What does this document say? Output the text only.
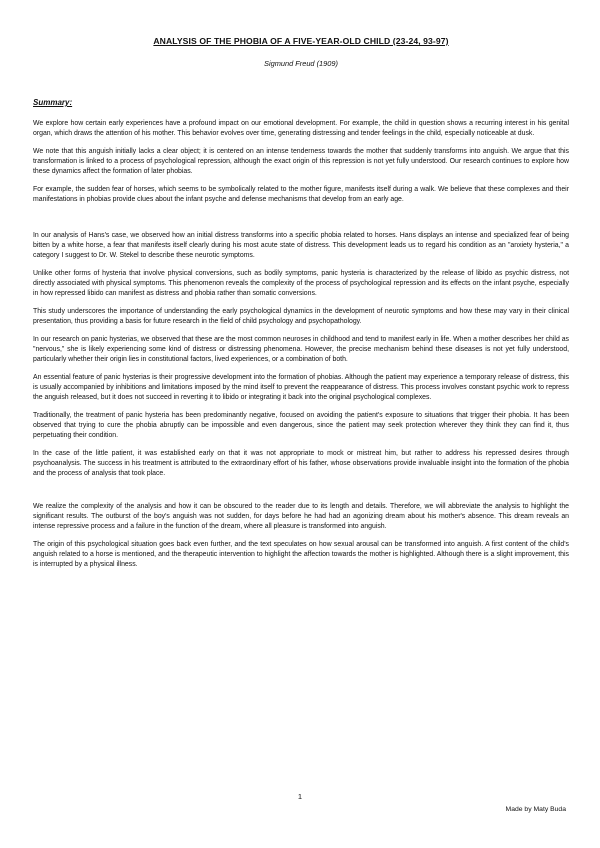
ANALYSIS OF THE PHOBIA OF A FIVE-YEAR-OLD CHILD (23-24, 93-97)
Sigmund Freud (1909)
Summary:

We explore how certain early experiences have a profound impact on our emotional development. For example, the child in question shows a recurring interest in his genital organ, which draws the attention of his mother. This behavior evolves over time, generating distressing and tender feelings in the child, especially noticeable at dusk.

We note that this anguish initially lacks a clear object; it is centered on an intense tenderness towards the mother that suddenly transforms into anguish. We argue that this transformation is linked to a process of psychological repression, although the exact origin of this repression is not yet fully understood. Our research continues to explore how these dynamics affect the formation of later phobias.

For example, the sudden fear of horses, which seems to be symbolically related to the mother figure, manifests itself during a walk. We believe that these complexes and their manifestations in phobias provide clues about the infant psyche and defense mechanisms that develop from an early age.

In our analysis of Hans's case, we observed how an initial distress transforms into a specific phobia related to horses. Hans displays an intense and specialized fear of being bitten by a white horse, a fear that manifests itself clearly during his most acute state of distress. This development leads us to regard his condition as an "anxiety hysteria," a category I suggest to Dr. W. Stekel to describe these neurotic symptoms.

Unlike other forms of hysteria that involve physical conversions, such as bodily symptoms, panic hysteria is characterized by the release of libido as psychic distress, not directly associated with physical symptoms. This phenomenon reveals the complexity of the process of psychological repression and its effects on the infant psyche, especially in how repressed libido can manifest as distress and phobia rather than somatic conversions.

This study underscores the importance of understanding the early psychological dynamics in the development of neurotic symptoms and how these may vary in their clinical presentation, thus providing a basis for future research in the field of child psychology and psychopathology.

In our research on panic hysterias, we observed that these are the most common neuroses in childhood and tend to manifest early in life. When a mother describes her child as "nervous," she is likely experiencing some kind of distress or distressing phenomena. However, the precise mechanism behind these diseases is not yet fully understood, particularly whether their origin lies in constitutional factors, lived experiences, or a combination of both.

An essential feature of panic hysterias is their progressive development into the formation of phobias. Although the patient may experience a temporary release of distress, this is usually accompanied by inhibitions and limitations imposed by the mind itself to prevent the reappearance of distress. This process involves constant psychic work to repress the anguish released, but it does not succeed in reverting it to libido or integrating it back into the original psychological complexes.

Traditionally, the treatment of panic hysteria has been predominantly negative, focused on avoiding the patient's exposure to situations that trigger their phobia. It has been observed that trying to cure the phobia abruptly can be impossible and even dangerous, since the patient may seek protection wherever they think they can find it, thus perpetuating their condition.

In the case of the little patient, it was established early on that it was not appropriate to mock or mistreat him, but rather to address his repressed desires through psychoanalysis. The success in his treatment is attributed to the extraordinary effort of his father, whose observations provide invaluable insight into the formation of the phobia and the process of analysis that took place.

We realize the complexity of the analysis and how it can be obscured to the reader due to its length and details. Therefore, we will abbreviate the analysis to highlight the significant results. The outburst of the boy's anguish was not sudden, for days before he had had an agonizing dream about his mother's absence. This dream reveals an intense repressive process and a failure in the function of the dream, where all pleasure is transformed into anguish.

The origin of this psychological situation goes back even further, and the text speculates on how sexual arousal can be transformed into anguish. A first content of the child's anguish related to a horse is mentioned, and the therapeutic intervention to highlight the affection towards the mother is highlighted. Although there is a slight improvement, this is interrupted by a physical illness.

1
Made by Maty Buda
